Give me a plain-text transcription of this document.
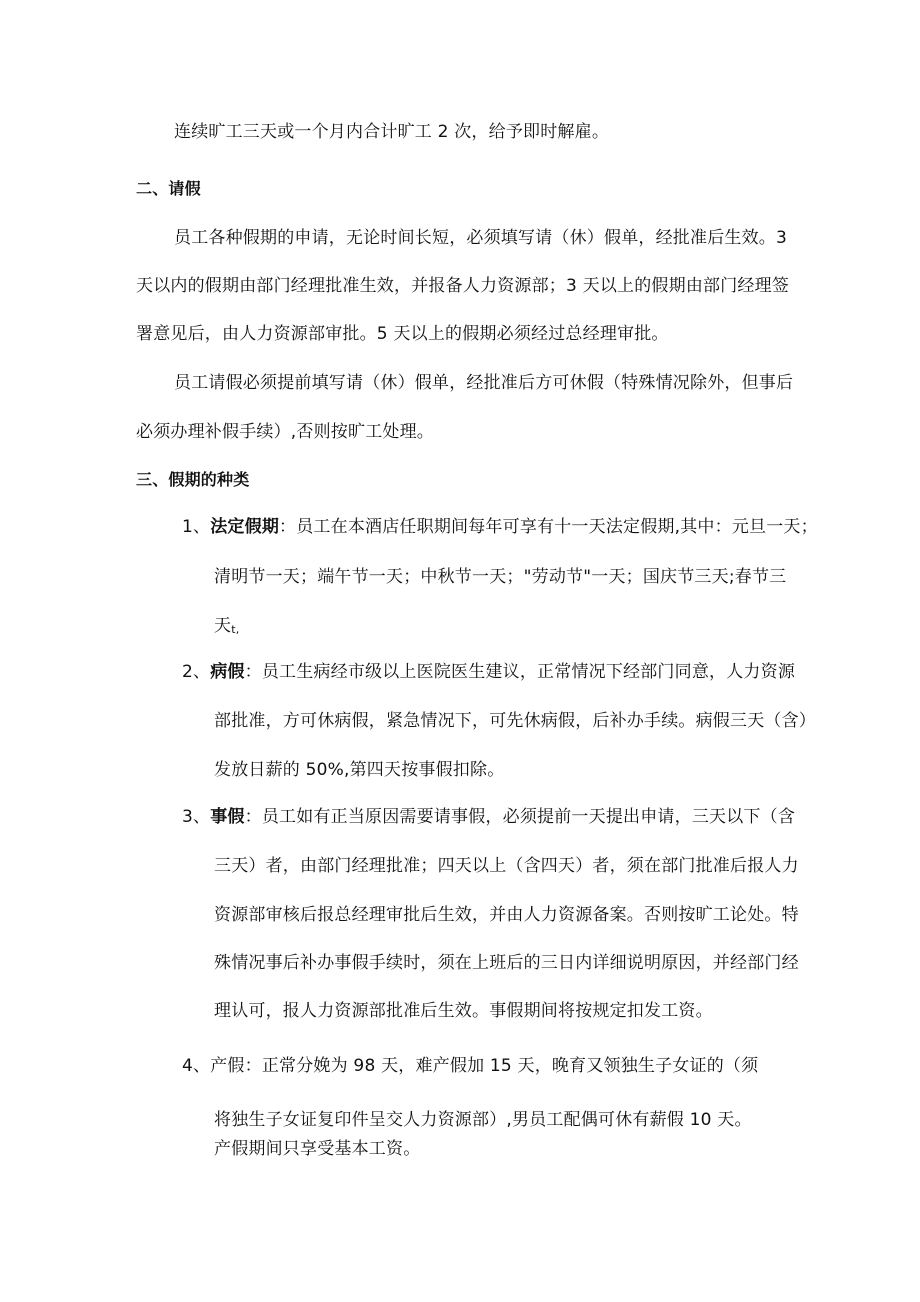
连续旷工三天或一个月内合计旷工 2 次，给予即时解雇。
二、请假
员工各种假期的申请，无论时间长短，必须填写请（休）假单，经批准后生效。3
天以内的假期由部门经理批准生效，并报备人力资源部；3 天以上的假期由部门经理签
署意见后，由人力资源部审批。5 天以上的假期必须经过总经理审批。
员工请假必须提前填写请（休）假单，经批准后方可休假（特殊情况除外，但事后
必须办理补假手续）,否则按旷工处理。
三、假期的种类
1、法定假期：员工在本酒店任职期间每年可享有十一天法定假期,其中：元旦一天；
清明节一天；端午节一天；中秋节一天；"劳动节"一天；国庆节三天;春节三
天t,
2、病假：员工生病经市级以上医院医生建议，正常情况下经部门同意，人力资源
部批准，方可休病假，紧急情况下，可先休病假，后补办手续。病假三天（含）
发放日薪的 50%,第四天按事假扣除。
3、事假：员工如有正当原因需要请事假，必须提前一天提出申请，三天以下（含
三天）者，由部门经理批准；四天以上（含四天）者，须在部门批准后报人力
资源部审核后报总经理审批后生效，并由人力资源备案。否则按旷工论处。特
殊情况事后补办事假手续时，须在上班后的三日内详细说明原因，并经部门经
理认可，报人力资源部批准后生效。事假期间将按规定扣发工资。
4、产假：正常分娩为 98 天，难产假加 15 天，晚育又领独生子女证的（须
将独生子女证复印件呈交人力资源部）,男员工配偶可休有薪假 10 天。
产假期间只享受基本工资。
